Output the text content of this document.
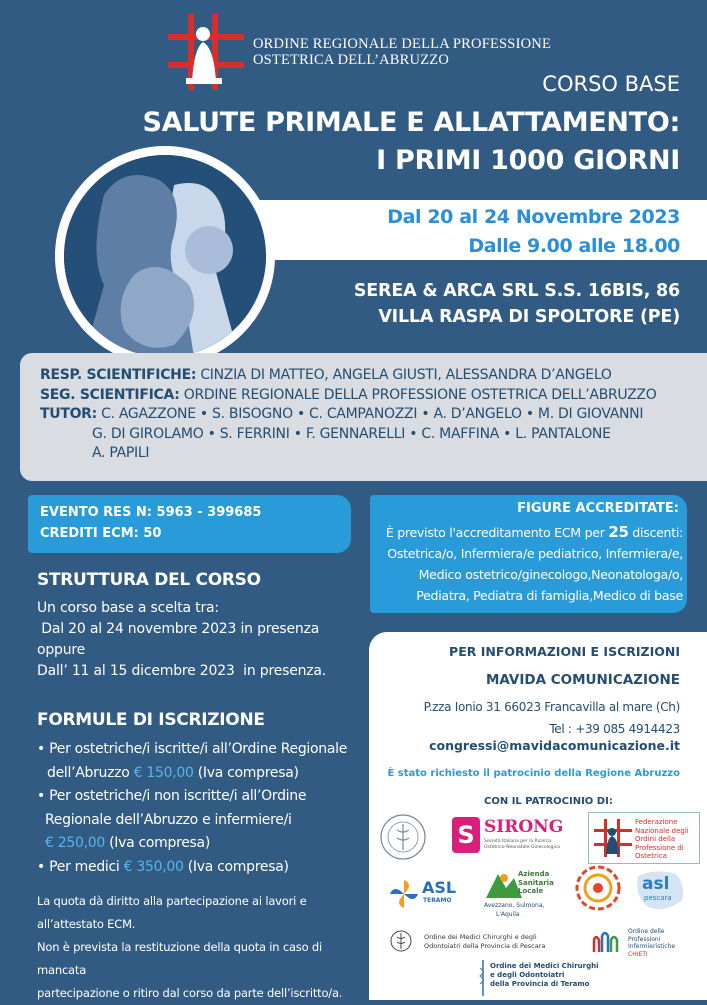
ORDINE REGIONALE DELLA PROFESSIONE
OSTETRICA DELL’ABRUZZO
CORSO BASE
SALUTE PRIMALE E ALLATTAMENTO:
I PRIMI 1000 GIORNI
Dal 20 al 24 Novembre 2023
Dalle 9.00 alle 18.00
SEREA & ARCA SRL S.S. 16BIS, 86
VILLA RASPA DI SPOLTORE (PE)
RESP. SCIENTIFICHE: CINZIA DI MATTEO, ANGELA GIUSTI, ALESSANDRA D’ANGELO
SEG. SCIENTIFICA: ORDINE REGIONALE DELLA PROFESSIONE OSTETRICA DELL’ABRUZZO
TUTOR: C. AGAZZONE • S. BISOGNO • C. CAMPANOZZI • A. D’ANGELO • M. DI GIOVANNI
G. DI GIROLAMO • S. FERRINI • F. GENNARELLI • C. MAFFINA • L. PANTALONE
A. PAPILI
EVENTO RES N: 5963 - 399685
CREDITI ECM: 50
FIGURE ACCREDITATE:
È previsto l'accreditamento ECM per 25 discenti:
Ostetrica/o, Infermiera/e pediatrico, Infermiera/e,
Medico ostetrico/ginecologo,Neonatologa/o,
Pediatra, Pediatra di famiglia,Medico di base
STRUTTURA DEL CORSO
Un corso base a scelta tra:
Dal 20 al 24 novembre 2023 in presenza
oppure
Dall’ 11 al 15 dicembre 2023  in presenza.
FORMULE DI ISCRIZIONE
• Per ostetriche/i iscritte/i all’Ordine Regionale
dell’Abruzzo € 150,00 (Iva compresa)
• Per ostetriche/i non iscritte/i all’Ordine
Regionale dell’Abruzzo e infermiere/i
€ 250,00 (Iva compresa)
• Per medici € 350,00 (Iva compresa)
La quota dà diritto alla partecipazione ai lavori e
all’attestato ECM.
Non è prevista la restituzione della quota in caso di mancata
partecipazione o ritiro dal corso da parte dell’iscritto/a.
PER INFORMAZIONI E ISCRIZIONI
MAVIDA COMUNICAZIONE
P.zza Ionio 31 66023 Francavilla al mare (Ch)
Tel : +39 085 4914423
congressi@mavidacomunicazione.it
È stato richiesto il patrocinio della Regione Abruzzo
CON IL PATROCINIO DI:
S SIRONG
Società Italiana per la Ricerca Ostetrico-Neonatale-Ginecologica
Federazione
Nazionale degli
Ordini della
Professione di
Ostetrica
ASL
TERAMO
Azienda
Sanitaria
Locale
Avezzano, Sulmona,
L'Aquila
asl
pescara
Ordine dei Medici Chirurghi e degli
Odontoiatri della Provincia di Pescara
Ordine delle
Professioni
Infermieristiche
CHIETI
Ordine dei Medici Chirurghi
e degli Odontoiatri
della Provincia di Teramo
